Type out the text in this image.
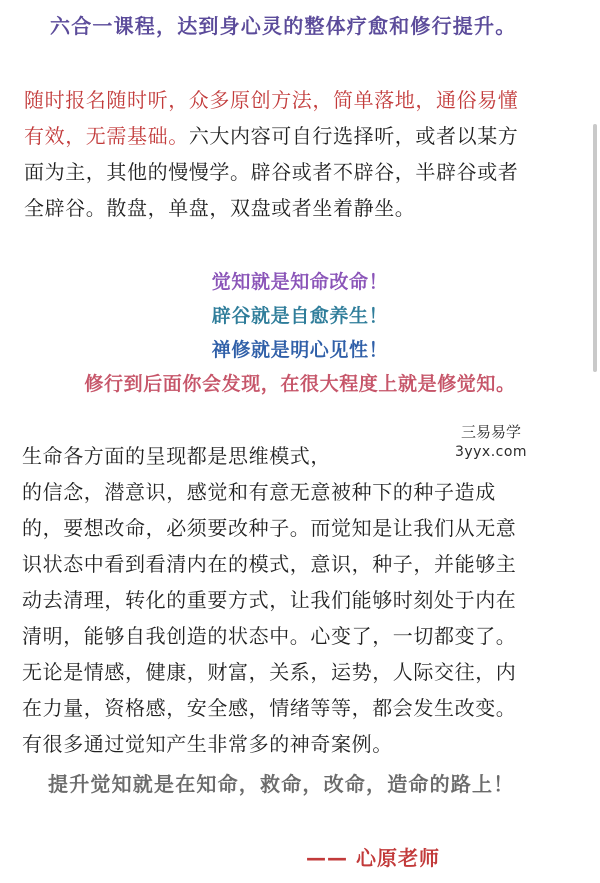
六合一课程，达到身心灵的整体疗愈和修行提升。
随时报名随时听，众多原创方法，简单落地，通俗易懂
有效，无需基础。六大内容可自行选择听，或者以某方
面为主，其他的慢慢学。辟谷或者不辟谷，半辟谷或者
全辟谷。散盘，单盘，双盘或者坐着静坐。
觉知就是知命改命！
辟谷就是自愈养生！
禅修就是明心见性！
修行到后面你会发现，在很大程度上就是修觉知。
三易易学
3yyx.com
生命各方面的呈现都是思维模式，
的信念，潜意识，感觉和有意无意被种下的种子造成
的，要想改命，必须要改种子。而觉知是让我们从无意
识状态中看到看清内在的模式，意识，种子，并能够主
动去清理，转化的重要方式，让我们能够时刻处于内在
清明，能够自我创造的状态中。心变了，一切都变了。
无论是情感，健康，财富，关系，运势，人际交往，内
在力量，资格感，安全感，情绪等等，都会发生改变。
有很多通过觉知产生非常多的神奇案例。
提升觉知就是在知命，救命，改命，造命的路上！
—— 心原老师
